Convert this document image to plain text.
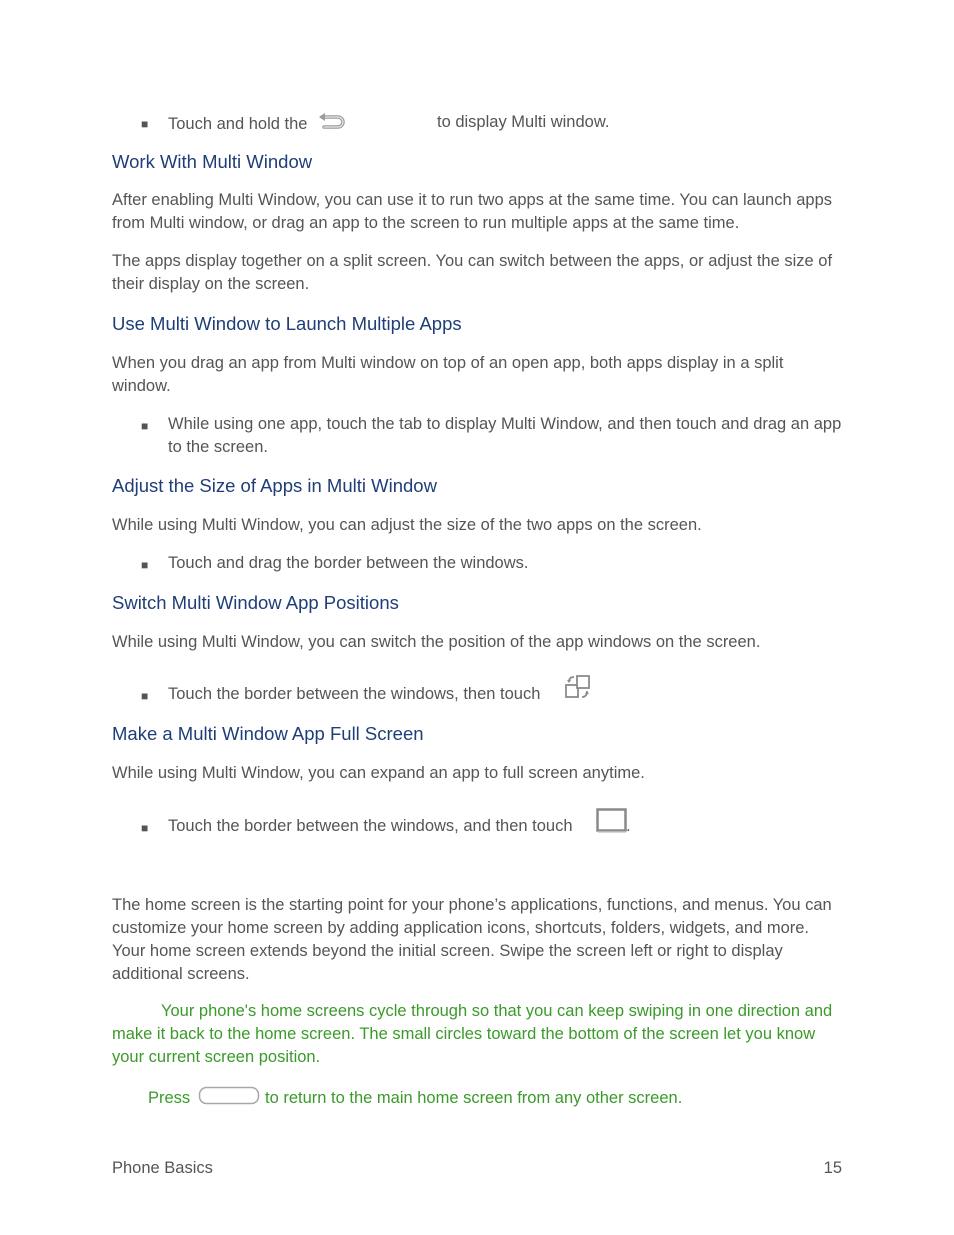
■ Touch and hold the	to display Multi window.
Work With Multi Window
After enabling Multi Window, you can use it to run two apps at the same time. You can launch apps from Multi window, or drag an app to the screen to run multiple apps at the same time.
The apps display together on a split screen. You can switch between the apps, or adjust the size of their display on the screen.
Use Multi Window to Launch Multiple Apps
When you drag an app from Multi window on top of an open app, both apps display in a split window.
■ While using one app, touch the tab to display Multi Window, and then touch and drag an app to the screen.
Adjust the Size of Apps in Multi Window
While using Multi Window, you can adjust the size of the two apps on the screen.
■ Touch and drag the border between the windows.
Switch Multi Window App Positions
While using Multi Window, you can switch the position of the app windows on the screen.
■ Touch the border between the windows, then touch
Make a Multi Window App Full Screen
While using Multi Window, you can expand an app to full screen anytime.
■ Touch the border between the windows, and then touch	.
The home screen is the starting point for your phone’s applications, functions, and menus. You can customize your home screen by adding application icons, shortcuts, folders, widgets, and more. Your home screen extends beyond the initial screen. Swipe the screen left or right to display additional screens.
Your phone's home screens cycle through so that you can keep swiping in one direction and make it back to the home screen. The small circles toward the bottom of the screen let you know your current screen position.
Press	to return to the main home screen from any other screen.
Phone Basics	15
